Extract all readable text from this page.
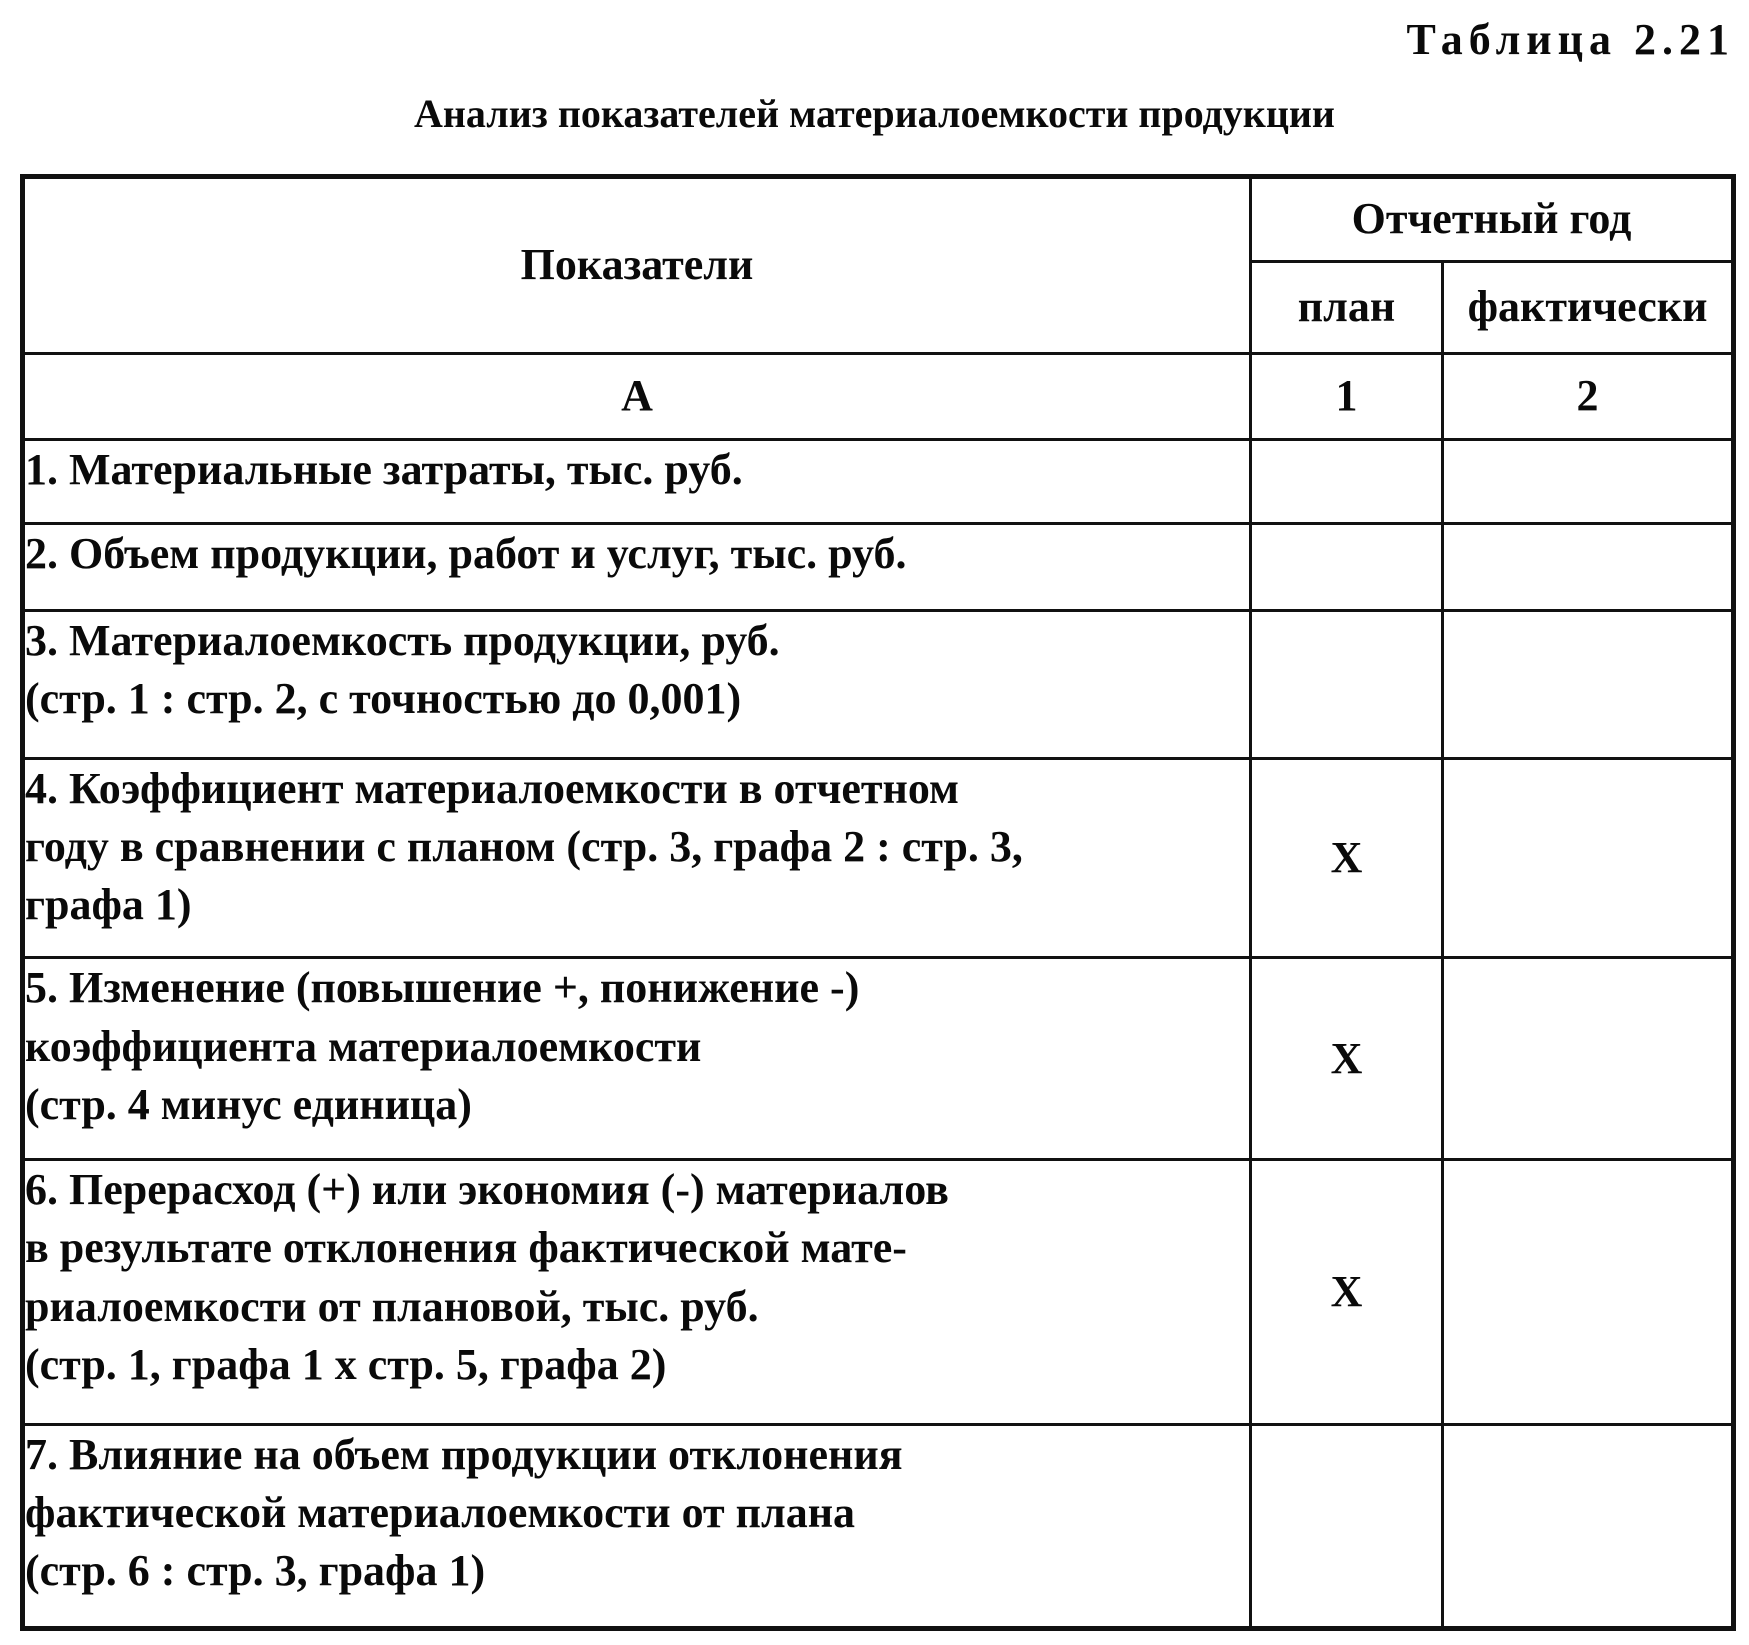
Таблица 2.21
Анализ показателей материалоемкости продукции
Показатели	Отчетный год	
	план	фактически
А	1	2
1. Материальные затраты, тыс. руб.		
2. Объем продукции, работ и услуг, тыс. руб.		
3. Материалоемкость продукции, руб.
(стр. 1 : стр. 2, с точностью до 0,001)		
4. Коэффициент материалоемкости в отчетном
году в сравнении с планом (стр. 3, графа 2 : стр. 3,
графа 1)	Х	
5. Изменение (повышение +, понижение -)
коэффициента материалоемкости
(стр. 4 минус единица)	Х	
6. Перерасход (+) или экономия (-) материалов
в результате отклонения фактической мате-
риалоемкости от плановой, тыс. руб.
(стр. 1, графа 1 х стр. 5, графа 2)	Х	
7. Влияние на объем продукции отклонения
фактической материалоемкости от плана
(стр. 6 : стр. 3, графа 1)		
